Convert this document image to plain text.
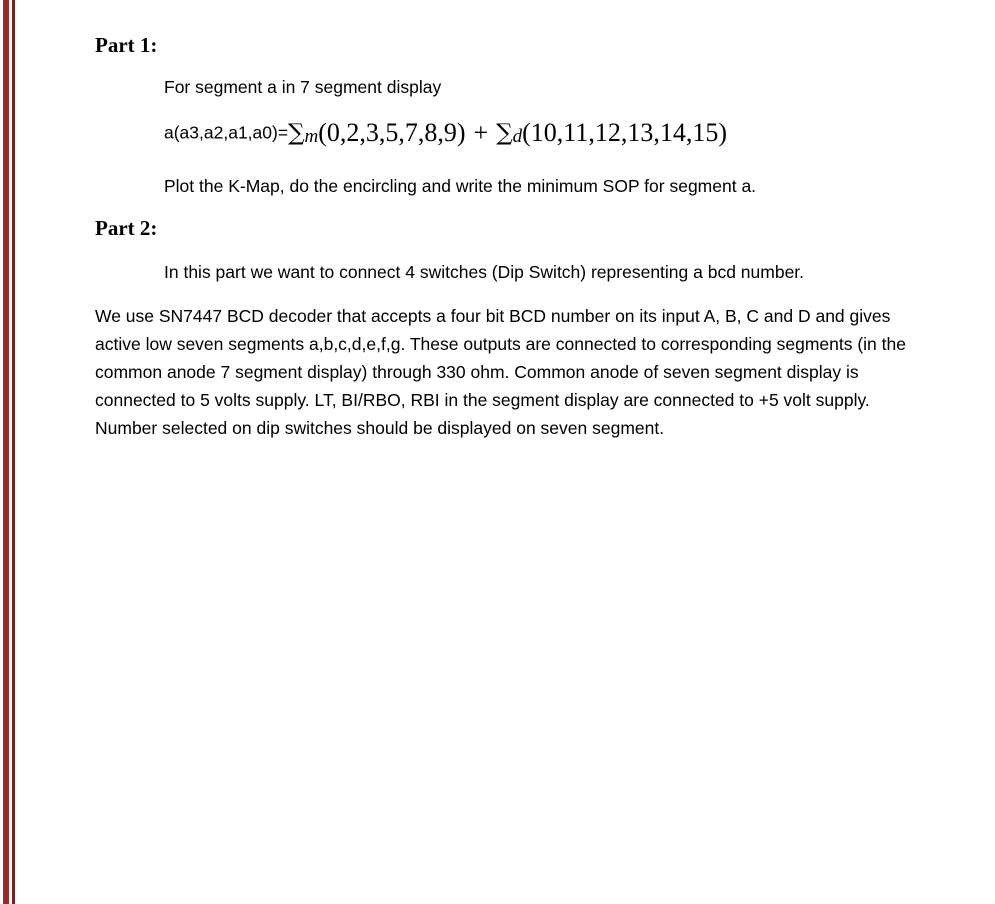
Part 1:
For segment a in 7 segment display
a(a3,a2,a1,a0)=∑m(0,2,3,5,7,8,9) + ∑d(10,11,12,13,14,15)
Plot the K-Map, do the encircling and write the minimum SOP for segment a.
Part 2:
In this part we want to connect 4 switches (Dip Switch) representing a bcd number.
We use SN7447 BCD decoder that accepts a four bit BCD number on its input A, B, C and D and gives
active low seven segments a,b,c,d,e,f,g. These outputs are connected to corresponding segments (in the
common anode 7 segment display) through 330 ohm. Common anode of seven segment display is
connected to 5 volts supply. LT, BI/RBO, RBI in the segment display are connected to +5 volt supply.
Number selected on dip switches should be displayed on seven segment.
